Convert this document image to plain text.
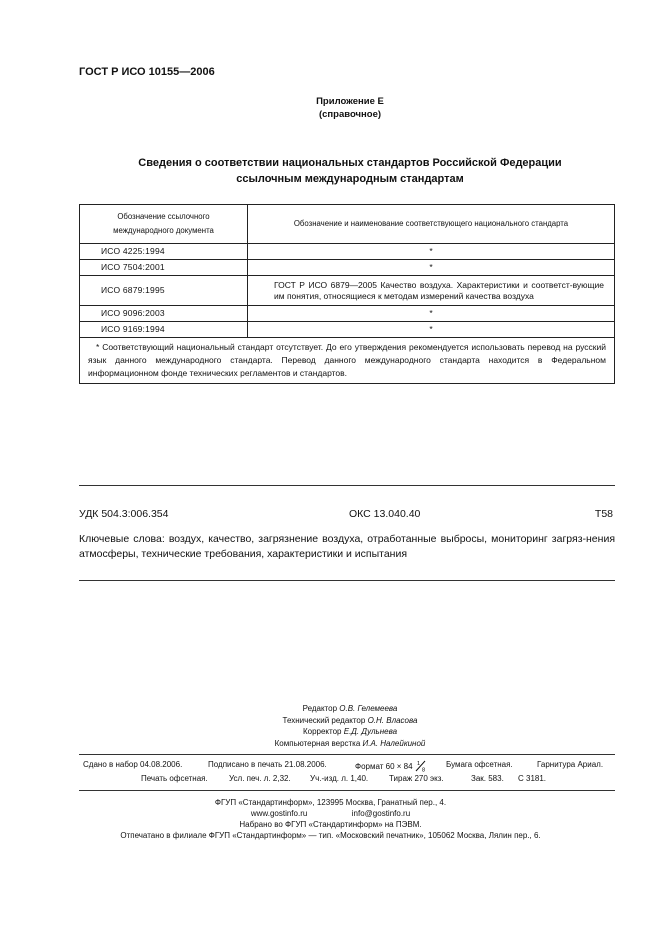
ГОСТ Р ИСО 10155—2006
Приложение Е
(справочное)
Сведения о соответствии национальных стандартов Российской Федерации
ссылочным международным стандартам
Обозначение ссылочного международного документа	Обозначение и наименование соответствующего национального стандарта
ИСО 4225:1994	*
ИСО 7504:2001	*
ИСО 6879:1995	ГОСТ Р ИСО 6879—2005 Качество воздуха. Характеристики и соответст-вующие им понятия, относящиеся к методам измерений качества воздуха
ИСО 9096:2003	*
ИСО 9169:1994	*
* Соответствующий национальный стандарт отсутствует. До его утверждения рекомендуется использовать перевод на русский язык данного международного стандарта. Перевод данного международного стандарта находится в Федеральном информационном фонде технических регламентов и стандартов.	
УДК 504.3:006.354	ОКС 13.040.40	Т58
Ключевые слова: воздух, качество, загрязнение воздуха, отработанные выбросы, мониторинг загряз-нения атмосферы, технические требования, характеристики и испытания
Редактор О.В. Гелемеева
Технический редактор О.Н. Власова
Корректор Е.Д. Дульнева
Компьютерная верстка И.А. Налейкиной
Сдано в набор 04.08.2006.	Подписано в печать 21.08.2006.	Формат 60 × 84 1
8
Бумага офсетная.	Гарнитура Ариал.
Печать офсетная.	Усл. печ. л. 2,32. Уч.-изд. л. 1,40.	Тираж 270 экз.	Зак. 583. С 3181.
ФГУП «Стандартинформ», 123995 Москва, Гранатный пер., 4.
www.gostinfo.ru	info@gostinfo.ru
Набрано во ФГУП «Стандартинформ» на ПЭВМ.
Отпечатано в филиале ФГУП «Стандартинформ» — тип. «Московский печатник», 105062 Москва, Лялин пер., 6.
